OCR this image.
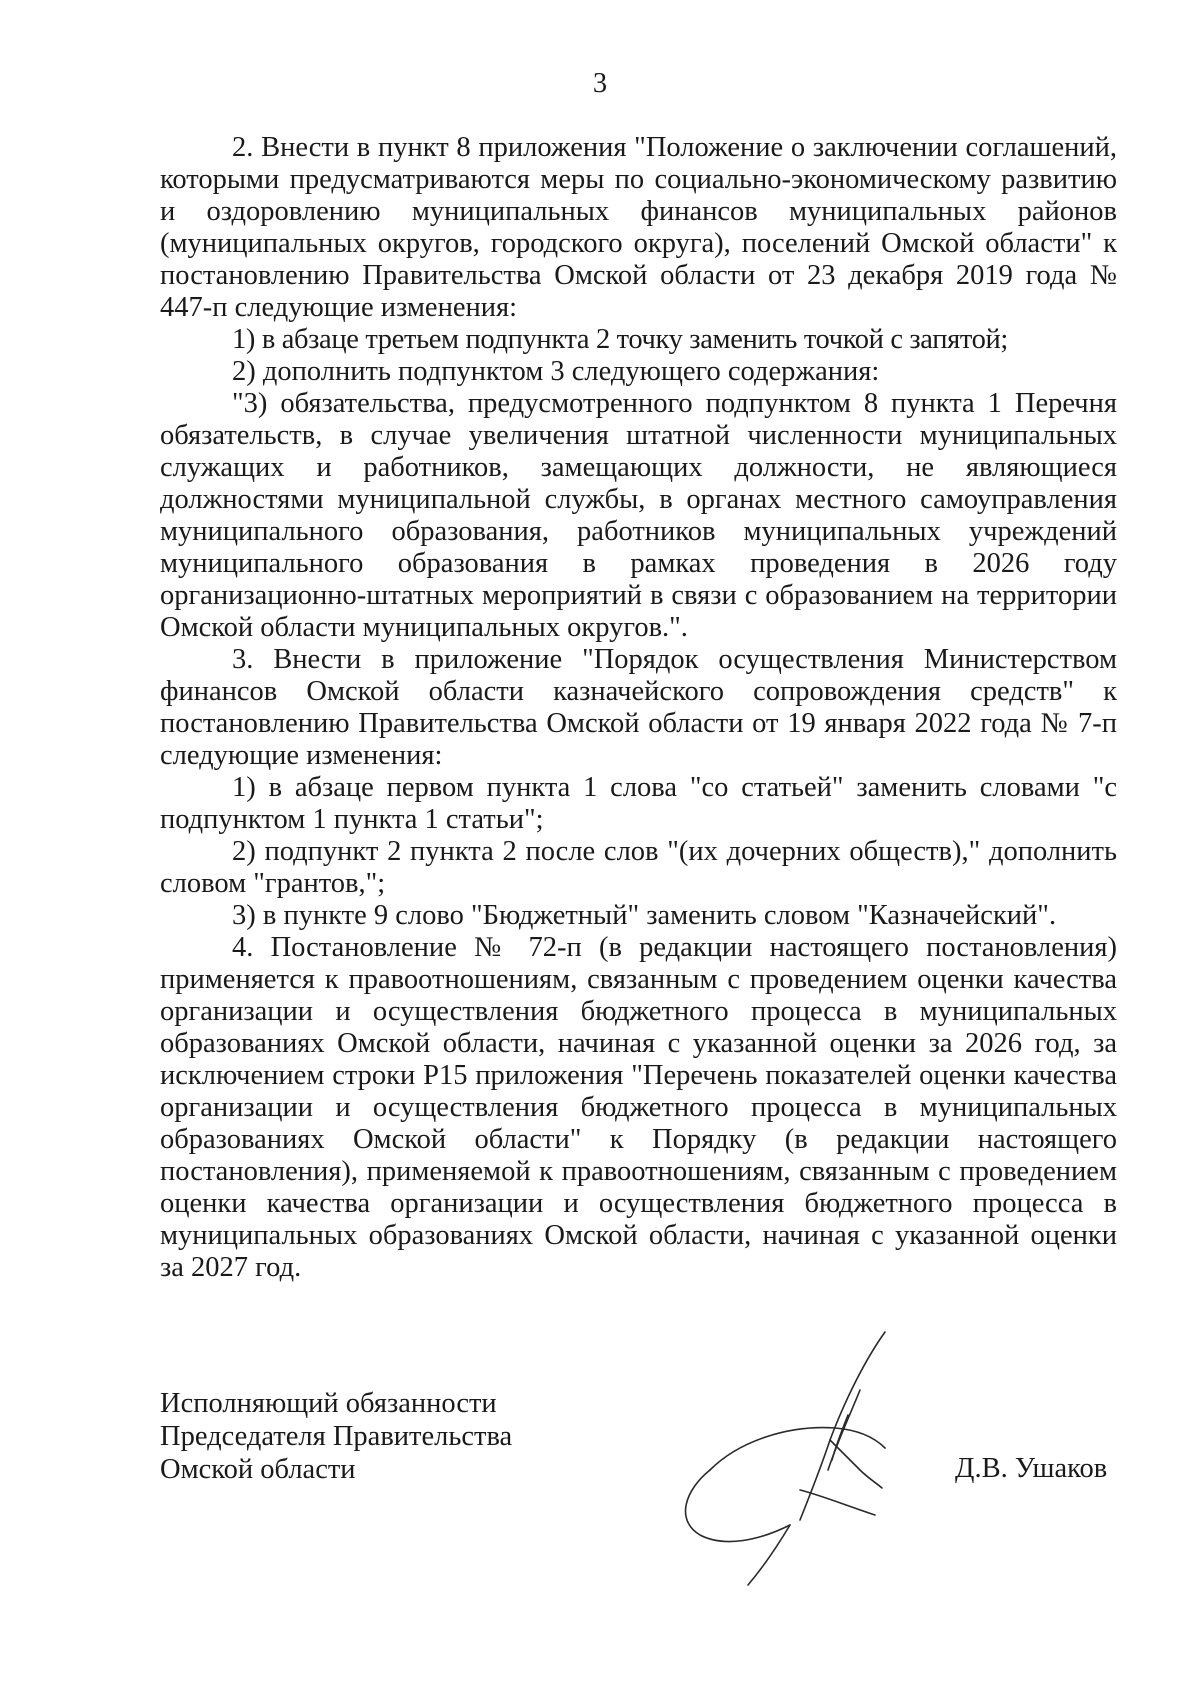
3

2. Внести в пункт 8 приложения "Положение о заключении соглашений, которыми предусматриваются меры по социально-экономическому развитию и оздоровлению муниципальных финансов муниципальных районов (муниципальных округов, городского округа), поселений Омской области" к постановлению Правительства Омской области от 23 декабря 2019 года № 447-п следующие изменения:

1) в абзаце третьем подпункта 2 точку заменить точкой с запятой;

2) дополнить подпунктом 3 следующего содержания:

"3) обязательства, предусмотренного подпунктом 8 пункта 1 Перечня обязательств, в случае увеличения штатной численности муниципальных служащих и работников, замещающих должности, не являющиеся должностями муниципальной службы, в органах местного самоуправления муниципального образования, работников муниципальных учреждений муниципального образования в рамках проведения в 2026 году организационно-штатных мероприятий в связи с образованием на территории Омской области муниципальных округов.".

3. Внести в приложение "Порядок осуществления Министерством финансов Омской области казначейского сопровождения средств" к постановлению Правительства Омской области от 19 января 2022 года № 7-п следующие изменения:

1) в абзаце первом пункта 1 слова "со статьей" заменить словами "с подпунктом 1 пункта 1 статьи";

2) подпункт 2 пункта 2 после слов "(их дочерних обществ)," дополнить словом "грантов,";

3) в пункте 9 слово "Бюджетный" заменить словом "Казначейский".

4. Постановление № 72-п (в редакции настоящего постановления) применяется к правоотношениям, связанным с проведением оценки качества организации и осуществления бюджетного процесса в муниципальных образованиях Омской области, начиная с указанной оценки за 2026 год, за исключением строки P15 приложения "Перечень показателей оценки качества организации и осуществления бюджетного процесса в муниципальных образованиях Омской области" к Порядку (в редакции настоящего постановления), применяемой к правоотношениям, связанным с проведением оценки качества организации и осуществления бюджетного процесса в муниципальных образованиях Омской области, начиная с указанной оценки за 2027 год.

Исполняющий обязанности
Председателя Правительства
Омской области	Д.В. Ушаков
